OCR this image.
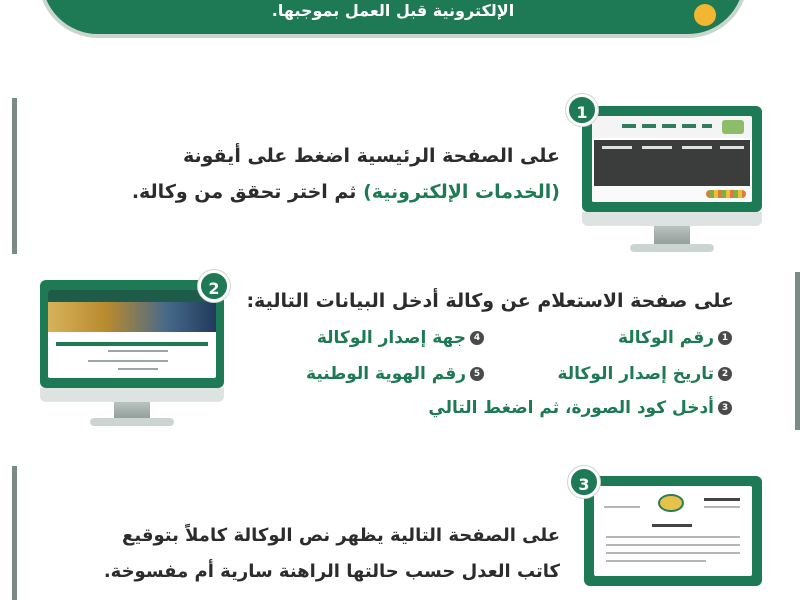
الإلكترونية قبل العمل بموجبها.
1
على الصفحة الرئيسية اضغط على أيقونة (الخدمات الإلكترونية) ثم اختر تحقق من وكالة.
2
على صفحة الاستعلام عن وكالة أدخل البيانات التالية:
1
رقم الوكالة
2
تاريخ إصدار الوكالة
3
أدخل كود الصورة، ثم اضغط التالي
4
جهة إصدار الوكالة
5
رقم الهوية الوطنية
3
على الصفحة التالية يظهر نص الوكالة كاملاً بتوقيع كاتب العدل حسب حالتها الراهنة سارية أم مفسوخة.
